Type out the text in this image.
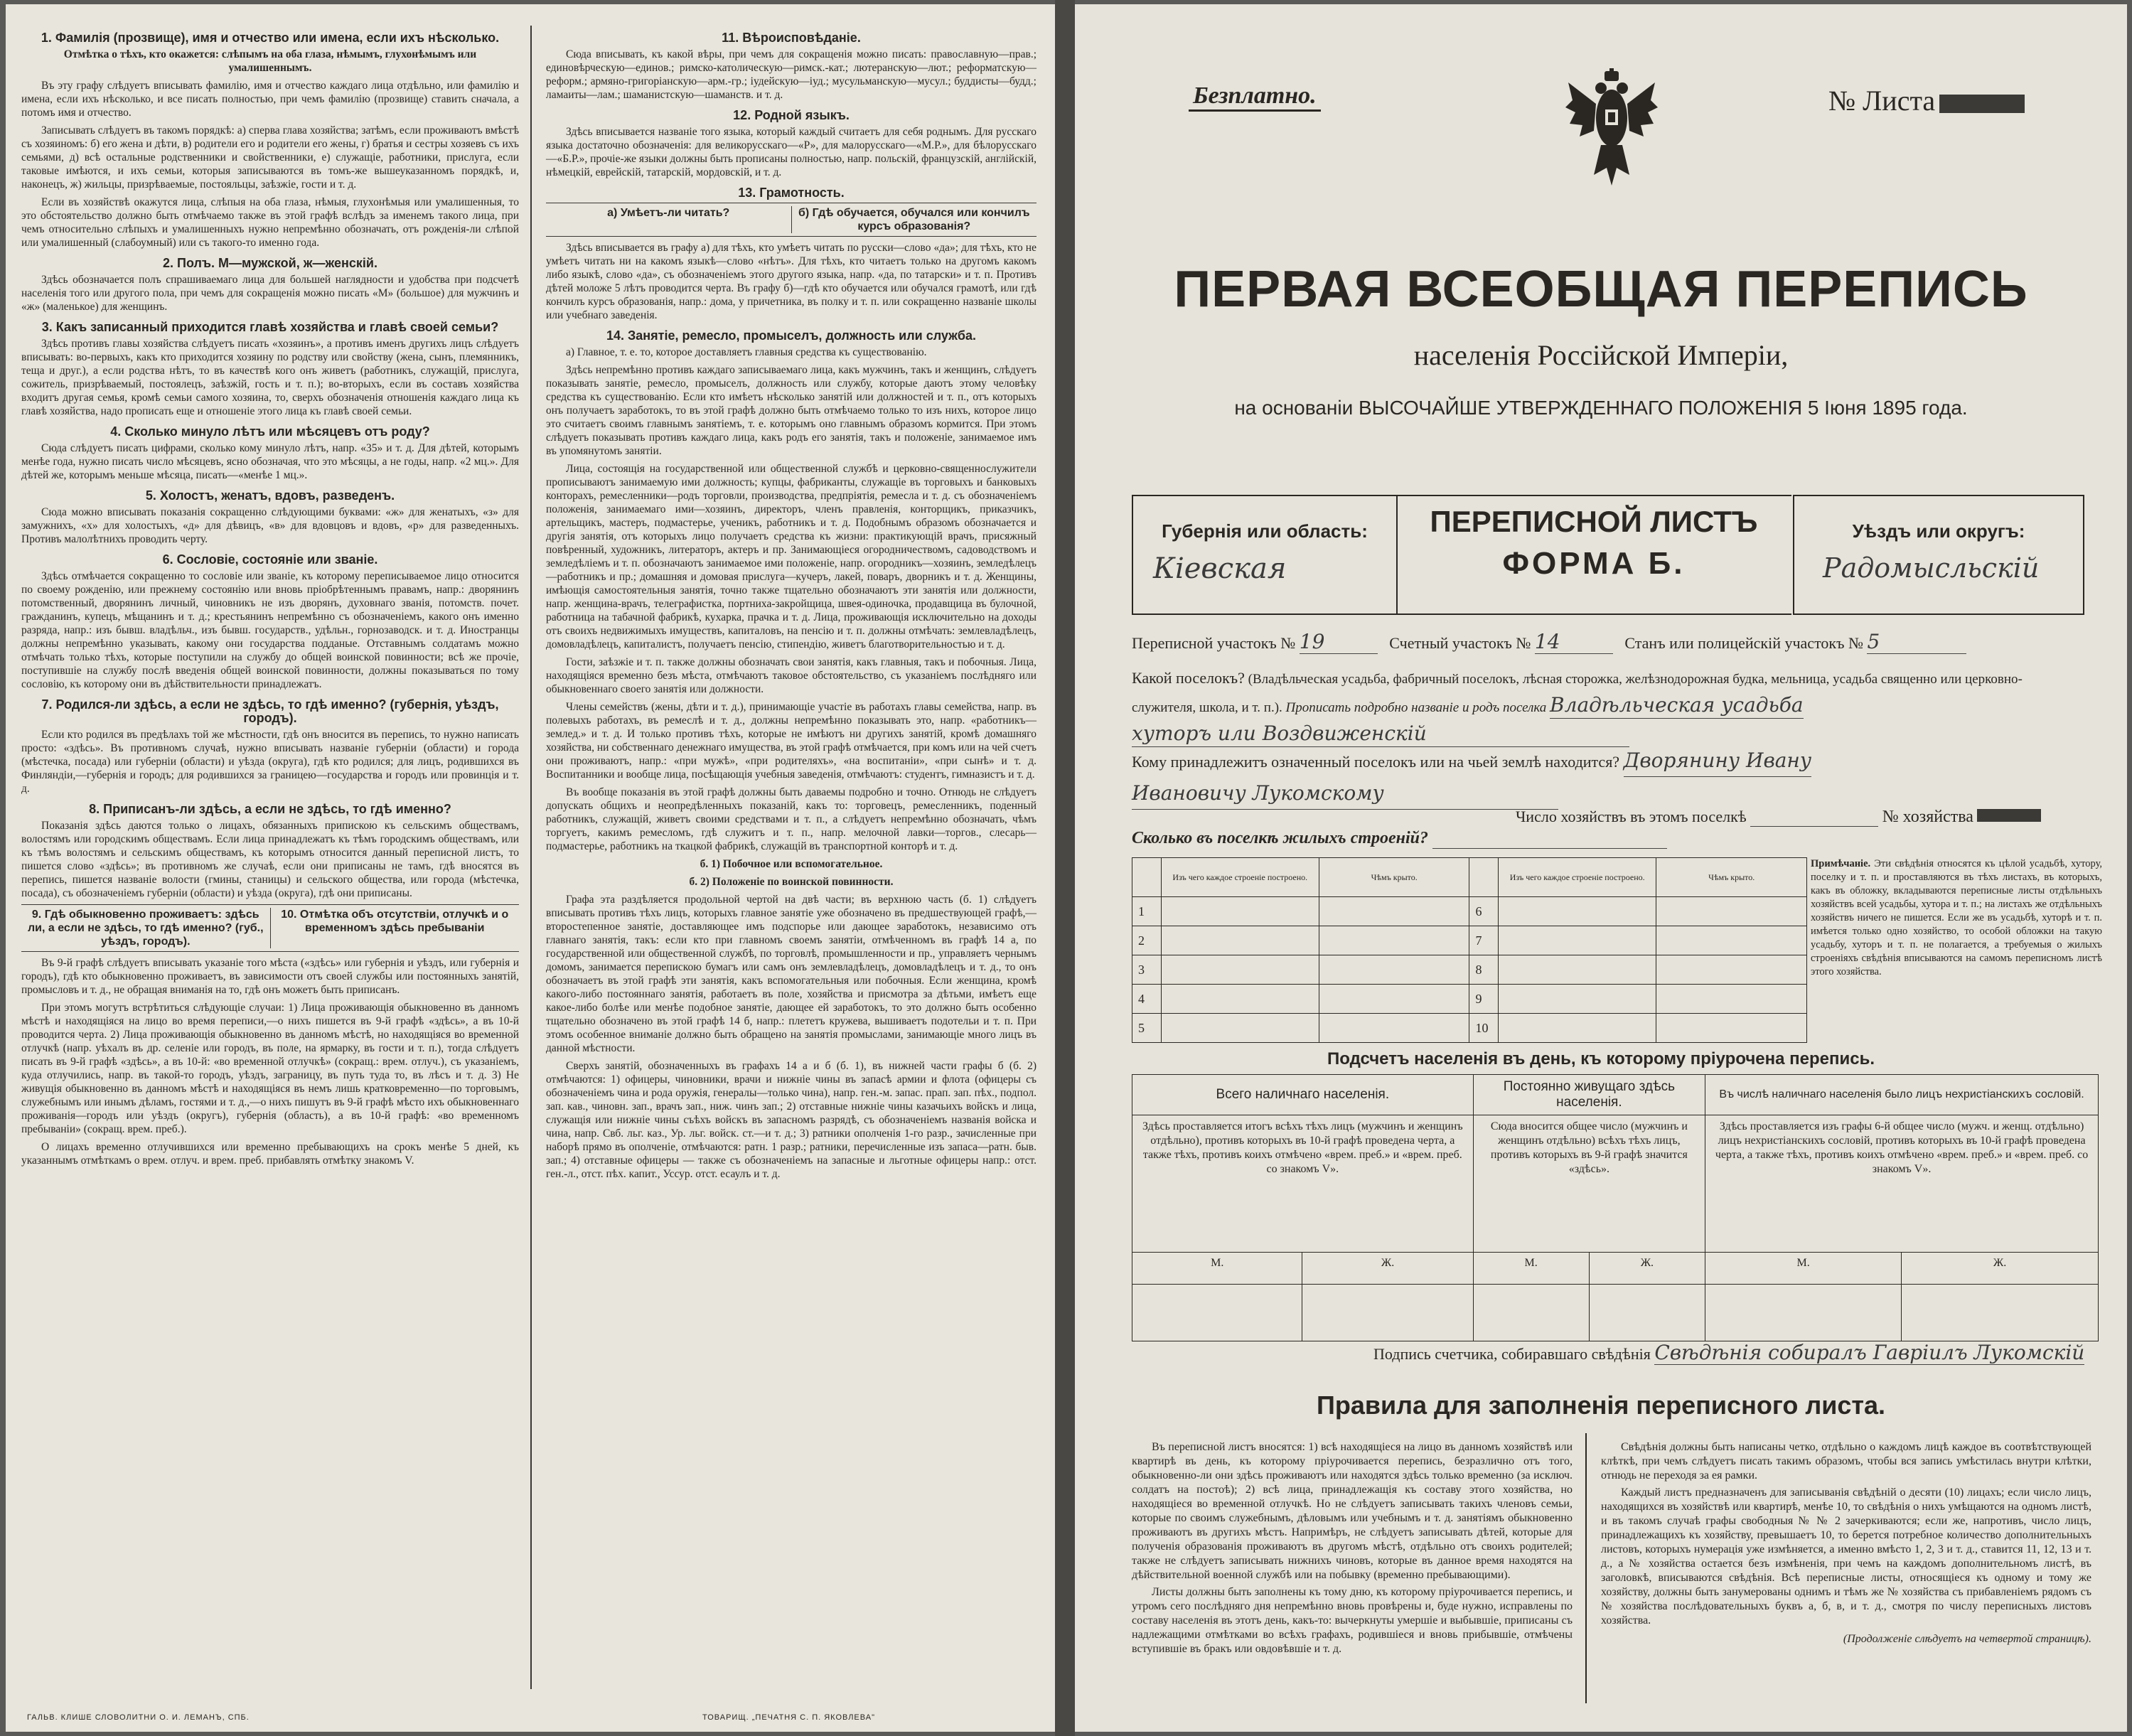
1. Фамилія (прозвище), имя и отчество или имена, если ихъ нѣсколько.
Отмѣтка о тѣхъ, кто окажется: слѣпымъ на оба глаза, нѣмымъ, глухонѣмымъ или умалишеннымъ.

Въ эту графу слѣдуетъ вписывать фамилію, имя и отчество каждаго лица отдѣльно, или фамилію и имена, если ихъ нѣсколько, и все писать полностью, при чемъ фамилію (прозвище) ставить сначала, а потомъ имя и отчество.

Записывать слѣдуетъ въ такомъ порядкѣ: а) сперва глава хозяйства; затѣмъ, если проживаютъ вмѣстѣ съ хозяиномъ: б) его жена и дѣти, в) родители его и родители его жены, г) братья и сестры хозяевъ съ ихъ семьями, д) всѣ остальные родственники и свойственники, е) служащіе, работники, прислуга, если таковые имѣются, и ихъ семьи, которыя записываются въ томъ-же вышеуказанномъ порядкѣ, и, наконецъ, ж) жильцы, призрѣваемые, постояльцы, заѣзжіе, гости и т. д.

Если въ хозяйствѣ окажутся лица, слѣпыя на оба глаза, нѣмыя, глухонѣмыя или умалишенныя, то это обстоятельство должно быть отмѣчаемо также въ этой графѣ вслѣдъ за именемъ такого лица, при чемъ относительно слѣпыхъ и умалишенныхъ нужно непремѣнно обозначать, отъ рожденія-ли слѣпой или умалишенный (слабоумный) или съ такого-то именно года.

2. Полъ. М—мужской, ж—женскій.

Здѣсь обозначается полъ спрашиваемаго лица для большей наглядности и удобства при подсчетѣ населенія того или другого пола, при чемъ для сокращенія можно писать «М» (большое) для мужчинъ и «ж» (маленькое) для женщинъ.

3. Какъ записанный приходится главѣ хозяйства и главѣ своей семьи?

Здѣсь противъ главы хозяйства слѣдуетъ писать «хозяинъ», а противъ именъ другихъ лицъ слѣдуетъ вписывать: во-первыхъ, какъ кто приходится хозяину по родству или свойству (жена, сынъ, племянникъ, теща и друг.), а если родства нѣтъ, то въ качествѣ кого онъ живетъ (работникъ, служащій, прислуга, сожитель, призрѣваемый, постоялецъ, заѣзжій, гость и т. п.); во-вторыхъ, если въ составъ хозяйства входитъ другая семья, кромѣ семьи самого хозяина, то, сверхъ обозначенія отношенія каждаго лица къ главѣ хозяйства, надо прописать еще и отношеніе этого лица къ главѣ своей семьи.

4. Сколько минуло лѣтъ или мѣсяцевъ отъ роду?

Сюда слѣдуетъ писать цифрами, сколько кому минуло лѣтъ, напр. «35» и т. д. Для дѣтей, которымъ менѣе года, нужно писать число мѣсяцевъ, ясно обозначая, что это мѣсяцы, а не годы, напр. «2 мц.». Для дѣтей же, которымъ меньше мѣсяца, писать—«менѣе 1 мц.».

5. Холостъ, женатъ, вдовъ, разведенъ.

Сюда можно вписывать показанія сокращенно слѣдующими буквами: «ж» для женатыхъ, «з» для замужнихъ, «х» для холостыхъ, «д» для дѣвицъ, «в» для вдовцовъ и вдовъ, «р» для разведенныхъ. Противъ малолѣтнихъ проводить черту.

6. Сословіе, состояніе или званіе.

Здѣсь отмѣчается сокращенно то сословіе или званіе, къ которому переписываемое лицо относится по своему рожденію, или прежнему состоянію или вновь пріобрѣтеннымъ правамъ, напр.: дворянинъ потомственный, дворянинъ личный, чиновникъ не изъ дворянъ, духовнаго званія, потомств. почет. гражданинъ, купецъ, мѣщанинъ и т. д.; крестьянинъ непремѣнно съ обозначеніемъ, какого онъ именно разряда, напр.: изъ бывш. владѣльч., изъ бывш. государств., удѣльн., горнозаводск. и т. д. Иностранцы должны непремѣнно указывать, какому они государства подданые. Отставнымъ солдатамъ можно отмѣчать только тѣхъ, которые поступили на службу до общей воинской повинности; всѣ же прочіе, поступившіе на службу послѣ введенія общей воинской повинности, должны показываться по тому сословію, къ которому они въ дѣйствительности принадлежатъ.

7. Родился-ли здѣсь, а если не здѣсь, то гдѣ именно? (губернія, уѣздъ, городъ).

Если кто родился въ предѣлахъ той же мѣстности, гдѣ онъ вносится въ перепись, то нужно написать просто: «здѣсь». Въ противномъ случаѣ, нужно вписывать названіе губерніи (области) и города (мѣстечка, посада) или губерніи (области) и уѣзда (округа), гдѣ кто родился; для лицъ, родившихся въ Финляндіи,—губернія и городъ; для родившихся за границею—государства и городъ или провинція и т. д.

8. Приписанъ-ли здѣсь, а если не здѣсь, то гдѣ именно?

Показанія здѣсь даются только о лицахъ, обязанныхъ припискою къ сельскимъ обществамъ, волостямъ или городскимъ обществамъ. Если лица принадлежатъ къ тѣмъ городскимъ обществамъ, или къ тѣмъ волостямъ и сельскимъ обществамъ, къ которымъ относится данный переписной листъ, то пишется слово «здѣсь»; въ противномъ же случаѣ, если они приписаны не тамъ, гдѣ вносятся въ перепись, пишется названіе волости (гмины, станицы) и сельского общества, или города (мѣстечка, посада), съ обозначеніемъ губерніи (области) и уѣзда (округа), гдѣ они приписаны.

9. Гдѣ обыкновенно проживаетъ: здѣсь ли, а если не здѣсь, то гдѣ именно? (губ., уѣздъ, городъ).
10. Отмѣтка объ отсутствіи, отлучкѣ и о временномъ здѣсь пребываніи

Въ 9-й графѣ слѣдуетъ вписывать указаніе того мѣста («здѣсь» или губернія и уѣздъ, или губернія и городъ), гдѣ кто обыкновенно проживаетъ, въ зависимости отъ своей службы или постоянныхъ занятій, промысловъ и т. д., не обращая вниманія на то, гдѣ онъ можетъ быть приписанъ.

При этомъ могутъ встрѣтиться слѣдующіе случаи: 1) Лица проживающія обыкновенно въ данномъ мѣстѣ и находящіяся на лицо во время переписи,—о нихъ пишется въ 9-й графѣ «здѣсь», а въ 10-й проводится черта. 2) Лица проживающія обыкновенно въ данномъ мѣстѣ, но находящіяся во временной отлучкѣ (напр. уѣхалъ въ др. селеніе или городъ, въ поле, на ярмарку, въ гости и т. п.), тогда слѣдуетъ писать въ 9-й графѣ «здѣсь», а въ 10-й: «во временной отлучкѣ» (сокращ.: врем. отлуч.), съ указаніемъ, куда отлучились, напр. въ такой-то городъ, уѣздъ, заграницу, въ путь туда то, въ лѣсъ и т. д. 3) Не живущія обыкновенно въ данномъ мѣстѣ и находящіяся въ немъ лишь кратковременно—по торговымъ, служебнымъ или инымъ дѣламъ, гостями и т. д.,—о нихъ пишутъ въ 9-й графѣ мѣсто ихъ обыкновеннаго проживанія—городъ или уѣздъ (округъ), губернія (область), а въ 10-й графѣ: «во временномъ пребываніи» (сокращ. врем. преб.).

О лицахъ временно отлучившихся или временно пребывающихъ на срокъ менѣе 5 дней, къ указаннымъ отмѣткамъ о врем. отлуч. и врем. преб. прибавлять отмѣтку знакомъ V.

11. Вѣроисповѣданіе.

Сюда вписывать, къ какой вѣры, при чемъ для сокращенія можно писать: православную—прав.; единовѣрческую—единов.; римско-католическую—римск.-кат.; лютеранскую—лют.; реформатскую—реформ.; армяно-григоріанскую—арм.-гр.; іудейскую—іуд.; мусульманскую—мусул.; буддисты—будд.; ламаиты—лам.; шаманистскую—шаманств. и т. д.

12. Родной языкъ.

Здѣсь вписывается названіе того языка, который каждый считаетъ для себя роднымъ. Для русскаго языка достаточно обозначенія: для великорусскаго—«Р», для малорусскаго—«М.Р.», для бѣлорусскаго—«Б.Р.», прочіе-же языки должны быть прописаны полностью, напр. польскій, французскій, англійскій, нѣмецкій, еврейскій, татарскій, мордовскій, и т. д.

13. Грамотность.
а) Умѣетъ-ли читать?	б) Гдѣ обучается, обучался или кончилъ курсъ образованія?

Здѣсь вписывается въ графу а) для тѣхъ, кто умѣетъ читать по русски—слово «да»; для тѣхъ, кто не умѣетъ читать ни на какомъ языкѣ—слово «нѣтъ». Для тѣхъ, кто читаетъ только на другомъ какомъ либо языкѣ, слово «да», съ обозначеніемъ этого другого языка, напр. «да, по татарски» и т. п. Противъ дѣтей моложе 5 лѣтъ проводится черта. Въ графу б)—гдѣ кто обучается или обучался грамотѣ, или гдѣ кончилъ курсъ образованія, напр.: дома, у причетника, въ полку и т. п. или сокращенно названіе школы или учебнаго заведенія.

14. Занятіе, ремесло, промыселъ, должность или служба.

а) Главное, т. е. то, которое доставляетъ главныя средства къ существованію.

Здѣсь непремѣнно противъ каждаго записываемаго лица, какъ мужчинъ, такъ и женщинъ, слѣдуетъ показывать занятіе, ремесло, промыселъ, должность или службу, которые даютъ этому человѣку средства къ существованію. Если кто имѣетъ нѣсколько занятій или должностей и т. п., отъ которыхъ онъ получаетъ заработокъ, то въ этой графѣ должно быть отмѣчаемо только то изъ нихъ, которое лицо это считаетъ своимъ главнымъ занятіемъ, т. е. которымъ оно главнымъ образомъ кормится. При этомъ слѣдуетъ показывать противъ каждаго лица, какъ родъ его занятія, такъ и положеніе, занимаемое имъ въ упомянутомъ занятіи.

Лица, состоящія на государственной или общественной службѣ и церковно-священнослужители прописываютъ занимаемую ими должность; купцы, фабриканты, служащіе въ торговыхъ и банковыхъ конторахъ, ремесленники—родъ торговли, производства, предпріятія, ремесла и т. д. съ обозначеніемъ положенія, занимаемаго ими—хозяинъ, директоръ, членъ правленія, конторщикъ, приказчикъ, артельщикъ, мастеръ, подмастерье, ученикъ, работникъ и т. д. Подобнымъ образомъ обозначается и другія занятія, отъ которыхъ лицо получаетъ средства къ жизни: практикующій врачъ, присяжный повѣренный, художникъ, литераторъ, актеръ и пр. Занимающіеся огородничествомъ, садоводствомъ и земледѣліемъ и т. п. обозначаютъ занимаемое ими положеніе, напр. огородникъ—хозяинъ, земледѣлецъ—работникъ и пр.; домашняя и домовая прислуга—кучеръ, лакей, поваръ, дворникъ и т. д. Женщины, имѣющія самостоятельныя занятія, точно также тщательно обозначаютъ эти занятія или должности, напр. женщина-врачъ, телеграфистка, портниха-закройщица, швея-одиночка, продавщица въ булочной, работница на табачной фабрикѣ, кухарка, прачка и т. д. Лица, проживающія исключительно на доходы отъ своихъ недвижимыхъ имуществъ, капиталовъ, на пенсію и т. п. должны отмѣчать: землевладѣлецъ, домовладѣлецъ, капиталистъ, получаетъ пенсію, стипендію, живетъ благотворительностью и т. д.

Гости, заѣзжіе и т. п. также должны обозначать свои занятія, какъ главныя, такъ и побочныя. Лица, находящіяся временно безъ мѣста, отмѣчаютъ таковое обстоятельство, съ указаніемъ послѣдняго или обыкновеннаго своего занятія или должности.

Члены семействъ (жены, дѣти и т. д.), принимающіе участіе въ работахъ главы семейства, напр. въ полевыхъ работахъ, въ ремеслѣ и т. д., должны непремѣнно показывать это, напр. «работникъ—землед.» и т. д. И только противъ тѣхъ, которые не имѣютъ ни другихъ занятій, кромѣ домашняго хозяйства, ни собственнаго денежнаго имущества, въ этой графѣ отмѣчается, при комъ или на чей счетъ они проживаютъ, напр.: «при мужѣ», «при родителяхъ», «на воспитаніи», «при сынѣ» и т. д. Воспитанники и вообще лица, посѣщающія учебныя заведенія, отмѣчаютъ: студентъ, гимназистъ и т. д.

Въ вообще показанія въ этой графѣ должны быть даваемы подробно и точно. Отнюдь не слѣдуетъ допускать общихъ и неопредѣленныхъ показаній, какъ то: торговецъ, ремесленникъ, поденный работникъ, служащій, живетъ своими средствами и т. п., а слѣдуетъ непремѣнно обозначать, чѣмъ торгуетъ, какимъ ремесломъ, гдѣ служитъ и т. п., напр. мелочной лавки—торгов., слесарь—подмастерье, работникъ на ткацкой фабрикѣ, служащій въ транспортной конторѣ и т. д.

б. 1) Побочное или вспомогательное.

б. 2) Положеніе по воинской повинности.

Графа эта раздѣляется продольной чертой на двѣ части; въ верхнюю часть (б. 1) слѣдуетъ вписывать противъ тѣхъ лицъ, которыхъ главное занятіе уже обозначено въ предшествующей графѣ,—второстепенное занятіе, доставляющее имъ подспорье или дающее заработокъ, независимо отъ главнаго занятія, такъ: если кто при главномъ своемъ занятіи, отмѣченномъ въ графѣ 14 а, по государственной или общественной службѣ, по торговлѣ, промышленности и пр., управляетъ чернымъ домомъ, занимается перепискою бумагъ или самъ онъ землевладѣлецъ, домовладѣлецъ и т. д., то онъ обозначаетъ въ этой графѣ эти занятія, какъ вспомогательныя или побочныя. Если женщина, кромѣ какого-либо постояннаго занятія, работаетъ въ поле, хозяйства и присмотра за дѣтьми, имѣетъ еще какое-либо болѣе или менѣе подобное занятіе, дающее ей заработокъ, то это должно быть особенно тщательно обозначено въ этой графѣ 14 б, напр.: плететъ кружева, вышиваетъ подотельи и т. п. При этомъ особенное вниманіе должно быть обращено на занятія промыслами, занимающіе много лицъ въ данной мѣстности.

Сверхъ занятій, обозначенныхъ въ графахъ 14 а и б (б. 1), въ нижней части графы б (б. 2) отмѣчаются: 1) офицеры, чиновники, врачи и нижніе чины въ запасѣ армии и флота (офицеры съ обозначеніемъ чина и рода оружія, генералы—только чина), напр. ген.-м. запас. прап. зап. пѣх., подпол. зап. кав., чиновн. зап., врачъ зап., ниж. чинъ зап.; 2) отставные нижніе чины казачьихъ войскъ и лица, служащія или нижніе чины съѣхъ войскъ въ запасномъ разрядѣ, съ обозначеніемъ названія войска и чина, напр. Свб. льг. каз., Ур. льг. войск. ст.—и т. д.; 3) ратники ополченія 1-го разр., зачисленные при наборѣ прямо въ ополченіе, отмѣчаются: ратн. 1 разр.; ратники, перечисленные изъ запаса—ратн. быв. зап.; 4) отставные офицеры — также съ обозначеніемъ на запасные и льготные офицеры напр.: отст. ген.-л., отст. пѣх. капит., Уссур. отст. есаулъ и т. д.

ГАЛЬВ. КЛИШЕ СЛОВОЛИТНИ О. И. ЛЕМАНЪ, СПБ.	ТОВАРИЩ. „ПЕЧАТНЯ С. П. ЯКОВЛЕВА"
Безплатно.	№ Листа
ПЕРВАЯ ВСЕОБЩАЯ ПЕРЕПИСЬ
населенія Россійской Имперіи,
на основаніи ВЫСОЧАЙШЕ УТВЕРЖДЕННАГО ПОЛОЖЕНІЯ 5 Іюня 1895 года.
Губернія или область:
Кіевская
ПЕРЕПИСНОЙ ЛИСТЪ
ФОРМА Б.
Уѣздъ или округъ:
Радомысльскій
Переписной участокъ № 19	Счетный участокъ № 14	Станъ или полицейскій участокъ № 5
Какой поселокъ? (Владѣльческая усадьба, фабричный поселокъ, лѣсная сторожка, желѣзнодорожная будка, мельница, усадьба священно или церковно-служителя, школа, и т. п.). Прописать подробно названіе и родъ поселка Владѣльческая усадьба
хуторъ или Воздвиженскій
Кому принадлежитъ означенный поселокъ или на чьей землѣ находится? Дворянину Ивану
Ивановичу Лукомскому
Число хозяйствъ въ этомъ поселкѣ	№ хозяйства
Сколько въ поселкѣ жилыхъ строеній?
	Изъ чего каждое строеніе построено.	Чѣмъ крыто.		Изъ чего каждое строеніе построено.	Чѣмъ крыто.
1			6		
2			7		
3			8		
4			9		
5			10		
Примѣчаніе. Эти свѣдѣнія относятся къ цѣлой усадьбѣ, хутору, поселку и т. п. и проставляются въ тѣхъ листахъ, въ которыхъ, какъ въ обложку, вкладываются переписные листы отдѣльныхъ хозяйствъ всей усадьбы, хутора и т. п.; на листахъ же отдѣльныхъ хозяйствъ ничего не пишется. Если же въ усадьбѣ, хуторѣ и т. п. имѣется только одно хозяйство, то особой обложки на такую усадьбу, хуторъ и т. п. не полагается, а требуемыя о жилыхъ строеніяхъ свѣдѣнія вписываются на самомъ переписномъ листѣ этого хозяйства.
Подсчетъ населенія въ день, къ которому пріурочена перепись.
Всего наличнаго населенія.		Постоянно живущаго здѣсь населенія.		Въ числѣ наличнаго населенія было лицъ нехристіанскихъ сословій.	
Здѣсь проставляется итогъ всѣхъ тѣхъ лицъ (мужчинъ и женщинъ отдѣльно), противъ которыхъ въ 10-й графѣ проведена черта, а также тѣхъ, противъ коихъ отмѣчено «врем. преб.» и «врем. преб. со знакомъ V».		Сюда вносится общее число (мужчинъ и женщинъ отдѣльно) всѣхъ тѣхъ лицъ, противъ которыхъ въ 9-й графѣ значится «здѣсь».		Здѣсь проставляется изъ графы 6-й общее число (мужч. и женщ. отдѣльно) лицъ нехристіанскихъ сословій, противъ которыхъ въ 10-й графѣ проведена черта, а также тѣхъ, противъ коихъ отмѣчено «врем. преб.» и «врем. преб. со знакомъ V».	
М.	Ж.	М.	Ж.	М.	Ж.

Подпись счетчика, собиравшаго свѣдѣнія Свѣдѣнія собиралъ Гавріилъ Лукомскій
Правила для заполненія переписного листа.

Въ переписной листъ вносятся: 1) всѣ находящіеся на лицо въ данномъ хозяйствѣ или квартирѣ въ день, къ которому пріурочивается перепись, безразлично отъ того, обыкновенно-ли они здѣсь проживаютъ или находятся здѣсь только временно (за исключ. солдатъ на постоѣ); 2) всѣ лица, принадлежащія къ составу этого хозяйства, но находящіеся во временной отлучкѣ. Но не слѣдуетъ записывать такихъ членовъ семьи, которые по своимъ служебнымъ, дѣловымъ или учебнымъ и т. д. занятіямъ обыкновенно проживаютъ въ другихъ мѣстъ. Напримѣръ, не слѣдуетъ записывать дѣтей, которые для полученія образованія проживаютъ въ другомъ мѣстѣ, отдѣльно отъ своихъ родителей; также не слѣдуетъ записывать нижнихъ чиновъ, которые въ данное время находятся на дѣйствительной военной службѣ или на побывку (временно пребывающими).

Листы должны быть заполнены къ тому дню, къ которому пріурочивается перепись, и утромъ сего послѣдняго дня непремѣнно вновь провѣрены и, буде нужно, исправлены по составу населенія въ этотъ день, какъ-то: вычеркнуты умершіе и выбывшіе, приписаны съ надлежащими отмѣтками во всѣхъ графахъ, родившіеся и вновь прибывшіе, отмѣчены вступившіе въ бракъ или овдовѣвшіе и т. д.

Свѣдѣнія должны быть написаны четко, отдѣльно о каждомъ лицѣ каждое въ соотвѣтствующей клѣткѣ, при чемъ слѣдуетъ писать такимъ образомъ, чтобы вся запись умѣстилась внутри клѣтки, отнюдь не переходя за ея рамки.

Каждый листъ предназначенъ для записыванія свѣдѣній о десяти (10) лицахъ; если число лицъ, находящихся въ хозяйствѣ или квартирѣ, менѣе 10, то свѣдѣнія о нихъ умѣщаются на одномъ листѣ, и въ такомъ случаѣ графы свободныя № № 2 зачеркиваются; если же, напротивъ, число лицъ, принадлежащихъ къ хозяйству, превышаетъ 10, то берется потребное количество дополнительныхъ листовъ, которыхъ нумерація уже измѣняется, а именно вмѣсто 1, 2, 3 и т. д., ставится 11, 12, 13 и т. д., а № хозяйства остается безъ измѣненія, при чемъ на каждомъ дополнительномъ листѣ, въ заголовкѣ, вписываются свѣдѣнія. Всѣ переписные листы, относящіеся къ одному и тому же хозяйству, должны быть занумерованы однимъ и тѣмъ же № хозяйства съ прибавленіемъ рядомъ съ № хозяйства послѣдовательныхъ буквъ а, б, в, и т. д., смотря по числу переписныхъ листовъ хозяйства.

(Продолженіе слѣдуетъ на четвертой страницѣ).
